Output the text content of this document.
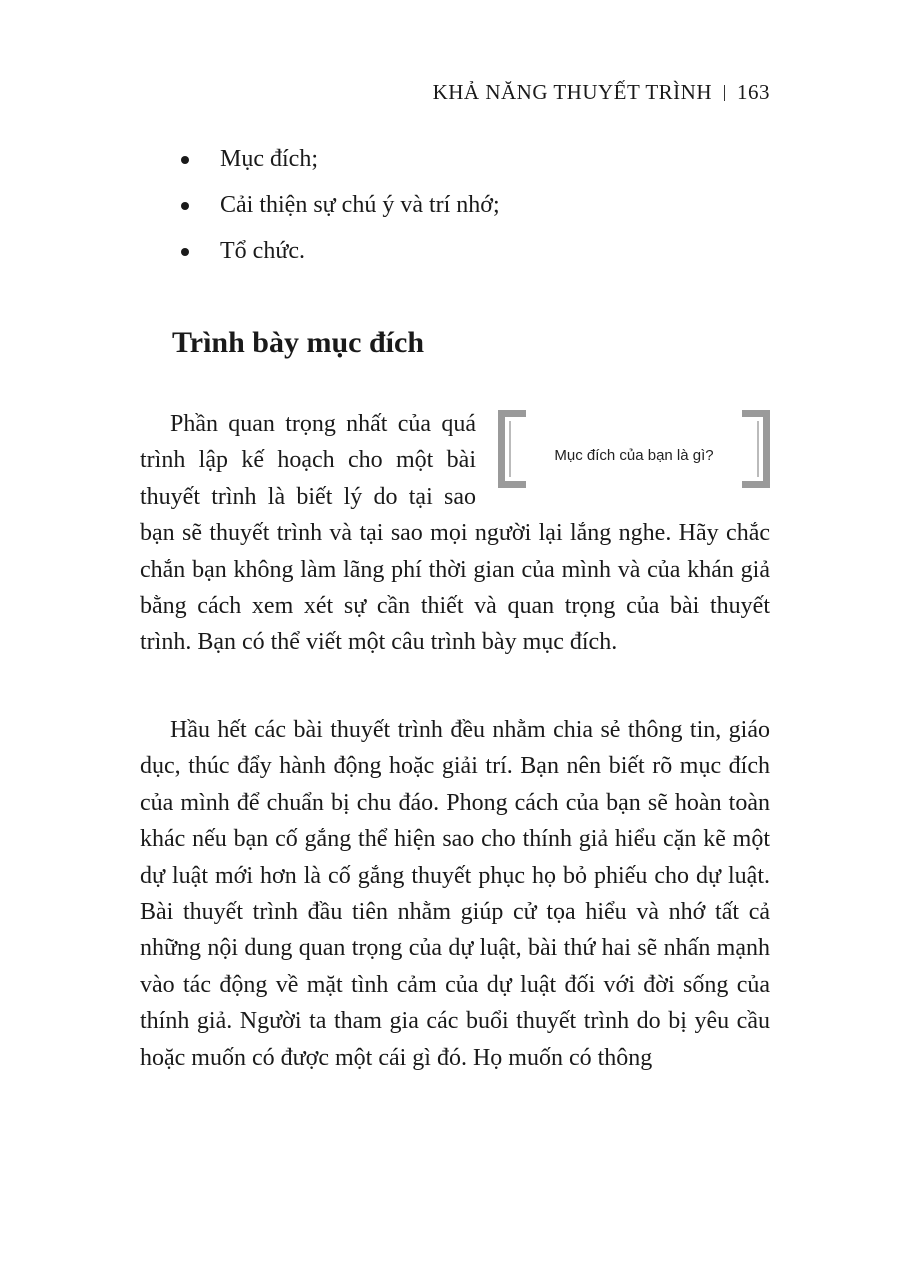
KHẢ NĂNG THUYẾT TRÌNH 163
Mục đích;
Cải thiện sự chú ý và trí nhớ;
Tổ chức.
Trình bày mục đích

Mục đích của bạn là gì?
Phần quan trọng nhất của quá trình lập kế hoạch cho một bài thuyết trình là biết lý do tại sao bạn sẽ thuyết trình và tại sao mọi người lại lắng nghe. Hãy chắc chắn bạn không làm lãng phí thời gian của mình và của khán giả bằng cách xem xét sự cần thiết và quan trọng của bài thuyết trình. Bạn có thể viết một câu trình bày mục đích.

Hầu hết các bài thuyết trình đều nhằm chia sẻ thông tin, giáo dục, thúc đẩy hành động hoặc giải trí. Bạn nên biết rõ mục đích của mình để chuẩn bị chu đáo. Phong cách của bạn sẽ hoàn toàn khác nếu bạn cố gắng thể hiện sao cho thính giả hiểu cặn kẽ một dự luật mới hơn là cố gắng thuyết phục họ bỏ phiếu cho dự luật. Bài thuyết trình đầu tiên nhằm giúp cử tọa hiểu và nhớ tất cả những nội dung quan trọng của dự luật, bài thứ hai sẽ nhấn mạnh vào tác động về mặt tình cảm của dự luật đối với đời sống của thính giả. Người ta tham gia các buổi thuyết trình do bị yêu cầu hoặc muốn có được một cái gì đó. Họ muốn có thông
